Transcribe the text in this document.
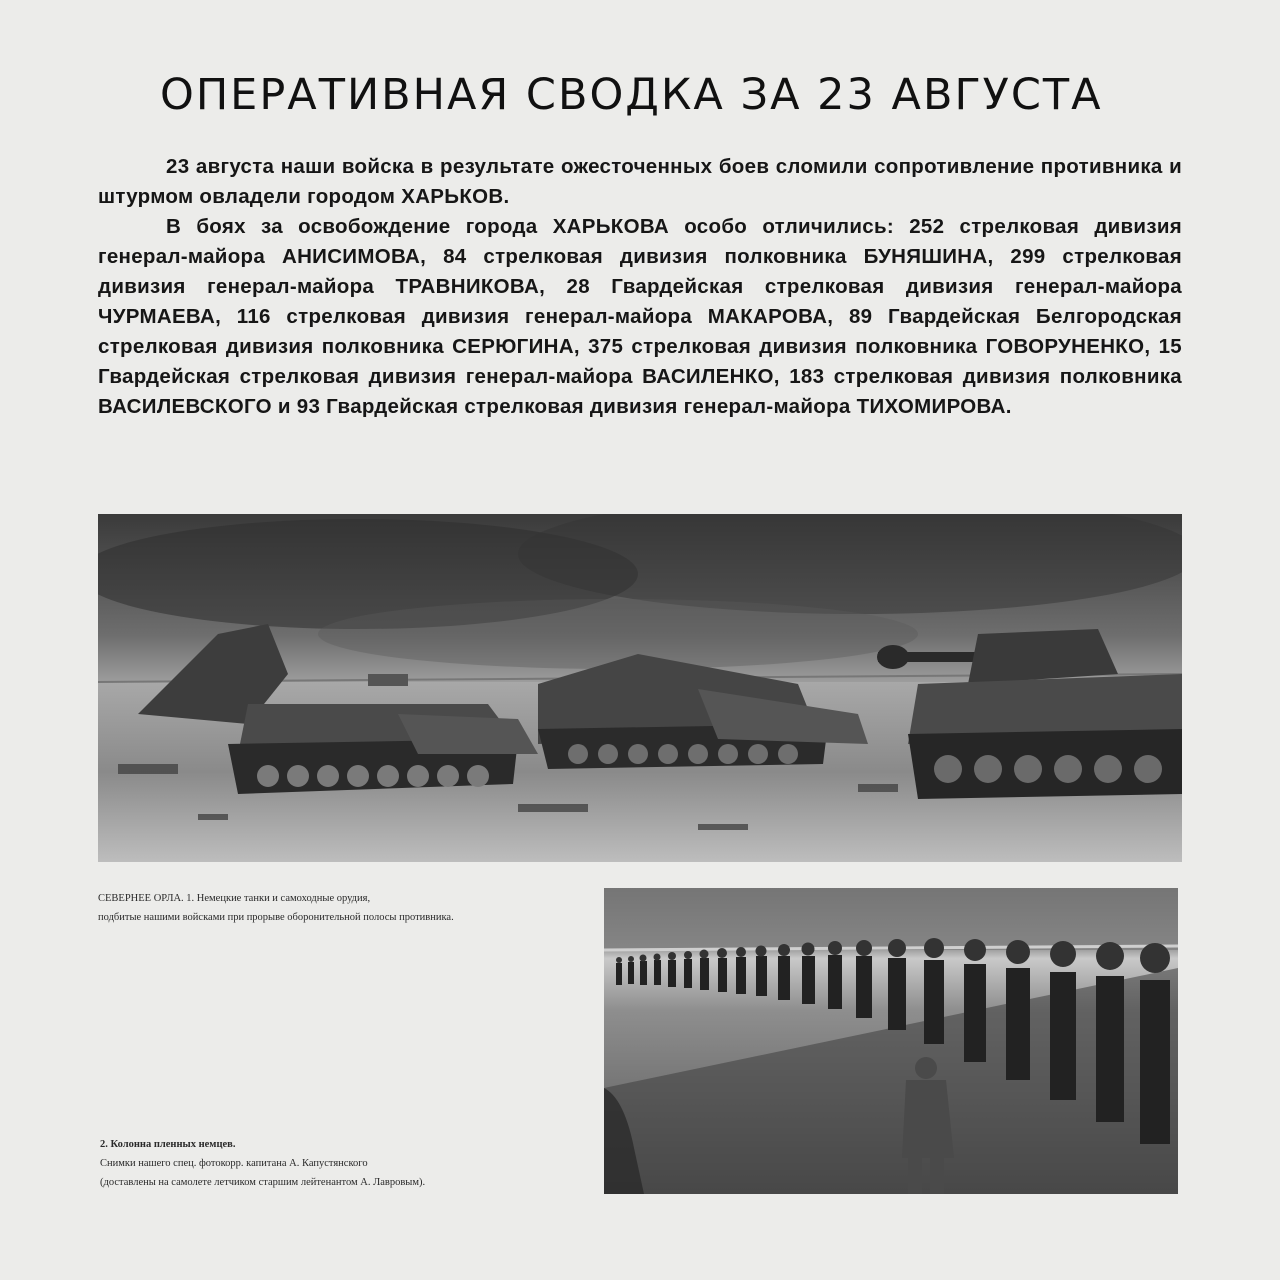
ОПЕРАТИВНАЯ СВОДКА ЗА 23 АВГУСТА

23 августа наши войска в результате ожесточенных боев сломили сопротивление противника и штурмом овладели городом ХАРЬКОВ.

В боях за освобождение города ХАРЬКОВА особо отличились: 252 стрелковая дивизия генерал-майора АНИСИМОВА, 84 стрелковая дивизия полковника БУНЯШИНА, 299 стрелковая дивизия генерал-майора ТРАВНИКОВА, 28 Гвардейская стрелковая дивизия генерал-майора ЧУРМАЕВА, 116 стрелковая дивизия генерал-майора МАКАРОВА, 89 Гвардейская Белгородская стрелковая дивизия полковника СЕРЮГИНА, 375 стрелковая дивизия полковника ГОВОРУНЕНКО, 15 Гвардейская стрелковая дивизия генерал-майора ВАСИЛЕНКО, 183 стрелковая дивизия полковника ВАСИЛЕВСКОГО и 93 Гвардейская стрелковая дивизия генерал-майора ТИХОМИРОВА.

СЕВЕРНЕЕ ОРЛА. 1. Немецкие танки и самоходные орудия,
подбитые нашими войсками при прорыве оборонительной полосы противника.
2. Колонна пленных немцев.
Снимки нашего спец. фотокорр. капитана А. Капустянского
(доставлены на самолете летчиком старшим лейтенантом А. Лавровым).
